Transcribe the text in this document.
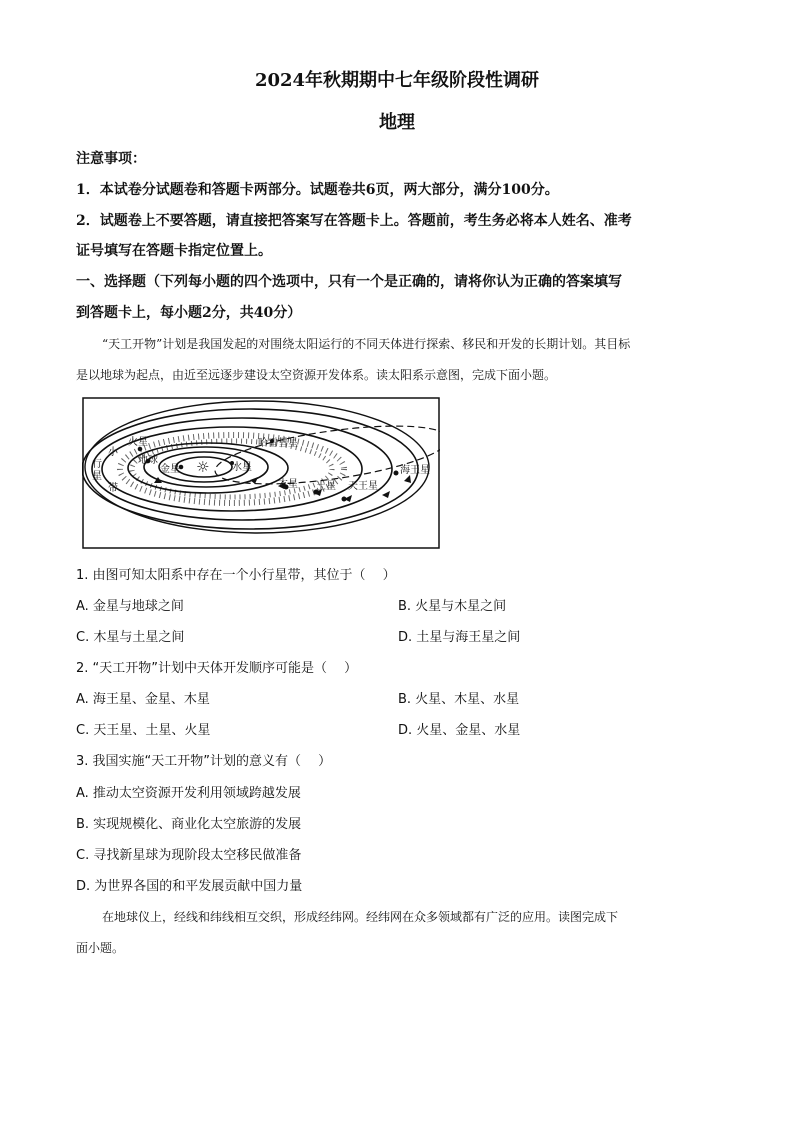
2024年秋期期中七年级阶段性调研
地理
注意事项：
1．本试卷分试题卷和答题卡两部分。试题卷共6页，两大部分，满分100分。
2．试题卷上不要答题，请直接把答案写在答题卡上。答题前，考生务必将本人姓名、准考
证号填写在答题卡指定位置上。
一、选择题（下列每小题的四个选项中，只有一个是正确的，请将你认为正确的答案填写
到答题卡上，每小题2分，共40分）
“天工开物”计划是我国发起的对围绕太阳运行的不同天体进行探索、移民和开发的长期计划。其目标
是以地球为起点，由近至远逐步建设太空资源开发体系。读太阳系示意图，完成下面小题。
☼
火星	哈雷彗星
地球
金星	水星	海王星
木星 土星 天王星
小
行
星
带
1. 由图可知太阳系中存在一个小行星带，其位于（　 ）
A. 金星与地球之间	B. 火星与木星之间
C. 木星与土星之间	D. 土星与海王星之间
2. “天工开物”计划中天体开发顺序可能是（　 ）
A. 海王星、金星、木星	B. 火星、木星、水星
C. 天王星、土星、火星	D. 火星、金星、水星
3. 我国实施“天工开物”计划的意义有（　 ）
A. 推动太空资源开发利用领域跨越发展
B. 实现规模化、商业化太空旅游的发展
C. 寻找新星球为现阶段太空移民做准备
D. 为世界各国的和平发展贡献中国力量
在地球仪上，经线和纬线相互交织，形成经纬网。经纬网在众多领域都有广泛的应用。读图完成下
面小题。
